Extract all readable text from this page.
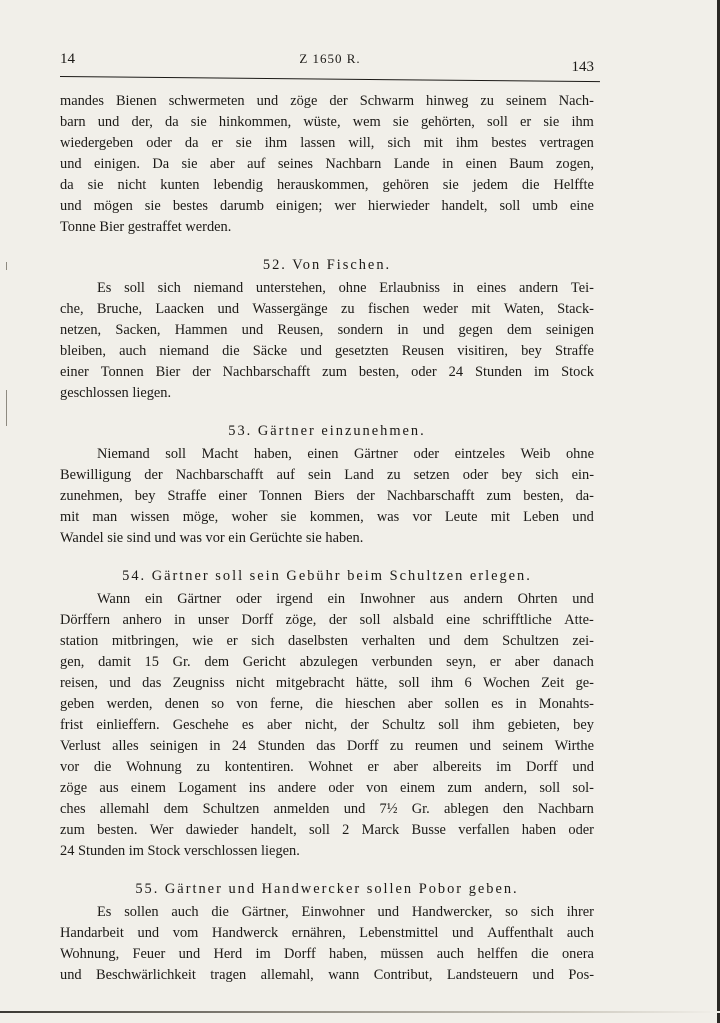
14	Z 1650 R.
143
mandes Bienen schwermeten und zöge der Schwarm hinweg zu seinem Nach-
barn und der, da sie hinkommen, wüste, wem sie gehörten, soll er sie ihm
wiedergeben oder da er sie ihm lassen will, sich mit ihm bestes vertragen
und einigen. Da sie aber auf seines Nachbarn Lande in einen Baum zogen,
da sie nicht kunten lebendig herauskommen, gehören sie jedem die Helffte
und mögen sie bestes darumb einigen; wer hierwieder handelt, soll umb eine
Tonne Bier gestraffet werden.
52. Von Fischen.
Es soll sich niemand unterstehen, ohne Erlaubniss in eines andern Tei-
che, Bruche, Laacken und Wassergänge zu fischen weder mit Waten, Stack-
netzen, Sacken, Hammen und Reusen, sondern in und gegen dem seinigen
bleiben, auch niemand die Säcke und gesetzten Reusen visitiren, bey Straffe
einer Tonnen Bier der Nachbarschafft zum besten, oder 24 Stunden im Stock
geschlossen liegen.
53. Gärtner einzunehmen.
Niemand soll Macht haben, einen Gärtner oder eintzeles Weib ohne
Bewilligung der Nachbarschafft auf sein Land zu setzen oder bey sich ein-
zunehmen, bey Straffe einer Tonnen Biers der Nachbarschafft zum besten, da-
mit man wissen möge, woher sie kommen, was vor Leute mit Leben und
Wandel sie sind und was vor ein Gerüchte sie haben.
54. Gärtner soll sein Gebühr beim Schultzen erlegen.
Wann ein Gärtner oder irgend ein Inwohner aus andern Ohrten und
Dörffern anhero in unser Dorff zöge, der soll alsbald eine schrifftliche Atte-
station mitbringen, wie er sich daselbsten verhalten und dem Schultzen zei-
gen, damit 15 Gr. dem Gericht abzulegen verbunden seyn, er aber danach
reisen, und das Zeugniss nicht mitgebracht hätte, soll ihm 6 Wochen Zeit ge-
geben werden, denen so von ferne, die hieschen aber sollen es in Monahts-
frist einlieffern. Geschehe es aber nicht, der Schultz soll ihm gebieten, bey
Verlust alles seinigen in 24 Stunden das Dorff zu reumen und seinem Wirthe
vor die Wohnung zu kontentiren. Wohnet er aber albereits im Dorff und
zöge aus einem Logament ins andere oder von einem zum andern, soll sol-
ches allemahl dem Schultzen anmelden und 7½ Gr. ablegen den Nachbarn
zum besten. Wer dawieder handelt, soll 2 Marck Busse verfallen haben oder
24 Stunden im Stock verschlossen liegen.
55. Gärtner und Handwercker sollen Pobor geben.
Es sollen auch die Gärtner, Einwohner und Handwercker, so sich ihrer
Handarbeit und vom Handwerck ernähren, Lebenstmittel und Auffenthalt auch
Wohnung, Feuer und Herd im Dorff haben, müssen auch helffen die onera
und Beschwärlichkeit tragen allemahl, wann Contribut, Landsteuern und Pos-
